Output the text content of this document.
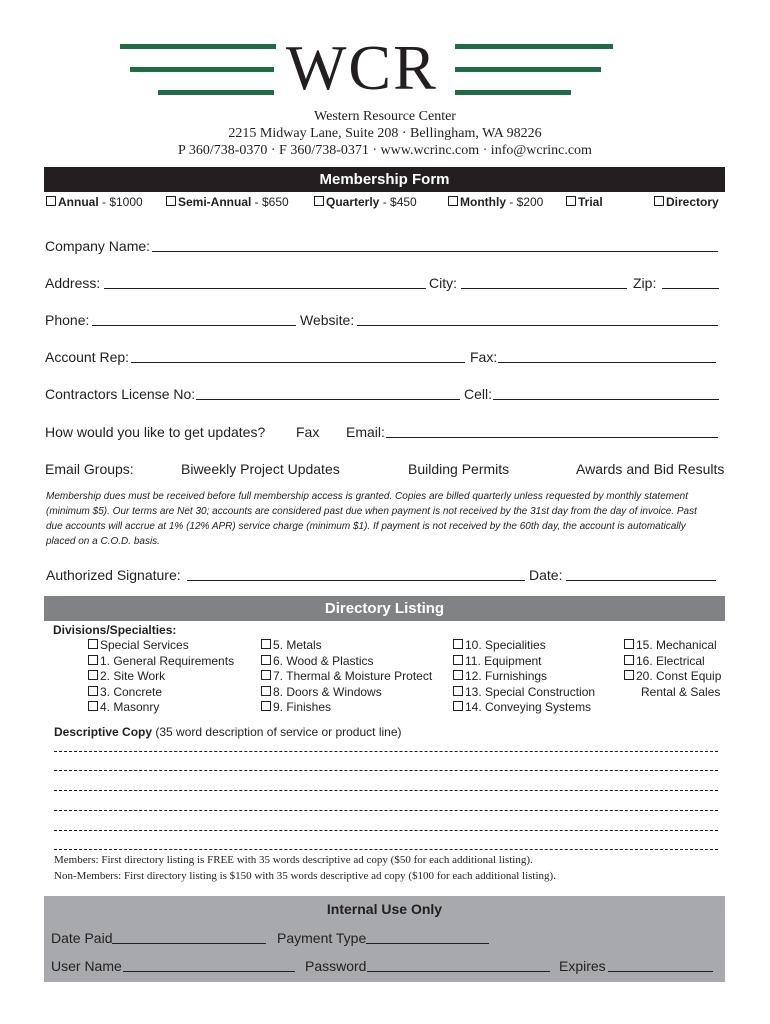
WCR
Western Resource Center
2215 Midway Lane, Suite 208 · Bellingham, WA 98226
P 360/738-0370 · F 360/738-0371 · www.wcrinc.com · info@wcrinc.com
Membership Form
Annual - $1000	Semi-Annual - $650	Quarterly - $450	Monthly - $200	Trial	Directory
Company Name:
Address:	City:	Zip:
Phone:	Website:
Account Rep:	Fax:
Contractors License No:	Cell:
How would you like to get updates? Fax Email:
Email Groups:	Biweekly Project Updates	Building Permits	Awards and Bid Results
Membership dues must be received before full membership access is granted. Copies are billed quarterly unless requested by monthly statement (minimum $5). Our terms are Net 30; accounts are considered past due when payment is not received by the 31st day from the day of invoice. Past due accounts will accrue at 1% (12% APR) service charge (minimum $1). If payment is not received by the 60th day, the account is automatically placed on a C.O.D. basis.
Authorized Signature:	Date:
Directory Listing
Divisions/Specialties:
Special Services
1. General Requirements
2. Site Work
3. Concrete
4. Masonry
5. Metals
6. Wood & Plastics
7. Thermal & Moisture Protect
8. Doors & Windows
9. Finishes
10. Specialities
11. Equipment
12. Furnishings
13. Special Construction
14. Conveying Systems
15. Mechanical
16. Electrical
20. Const Equip
Rental & Sales
Descriptive Copy (35 word description of service or product line)
Members: First directory listing is FREE with 35 words descriptive ad copy ($50 for each additional listing).
Non-Members: First directory listing is $150 with 35 words descriptive ad copy ($100 for each additional listing).
Internal Use Only
Date Paid	Payment Type
User Name	Password	Expires
